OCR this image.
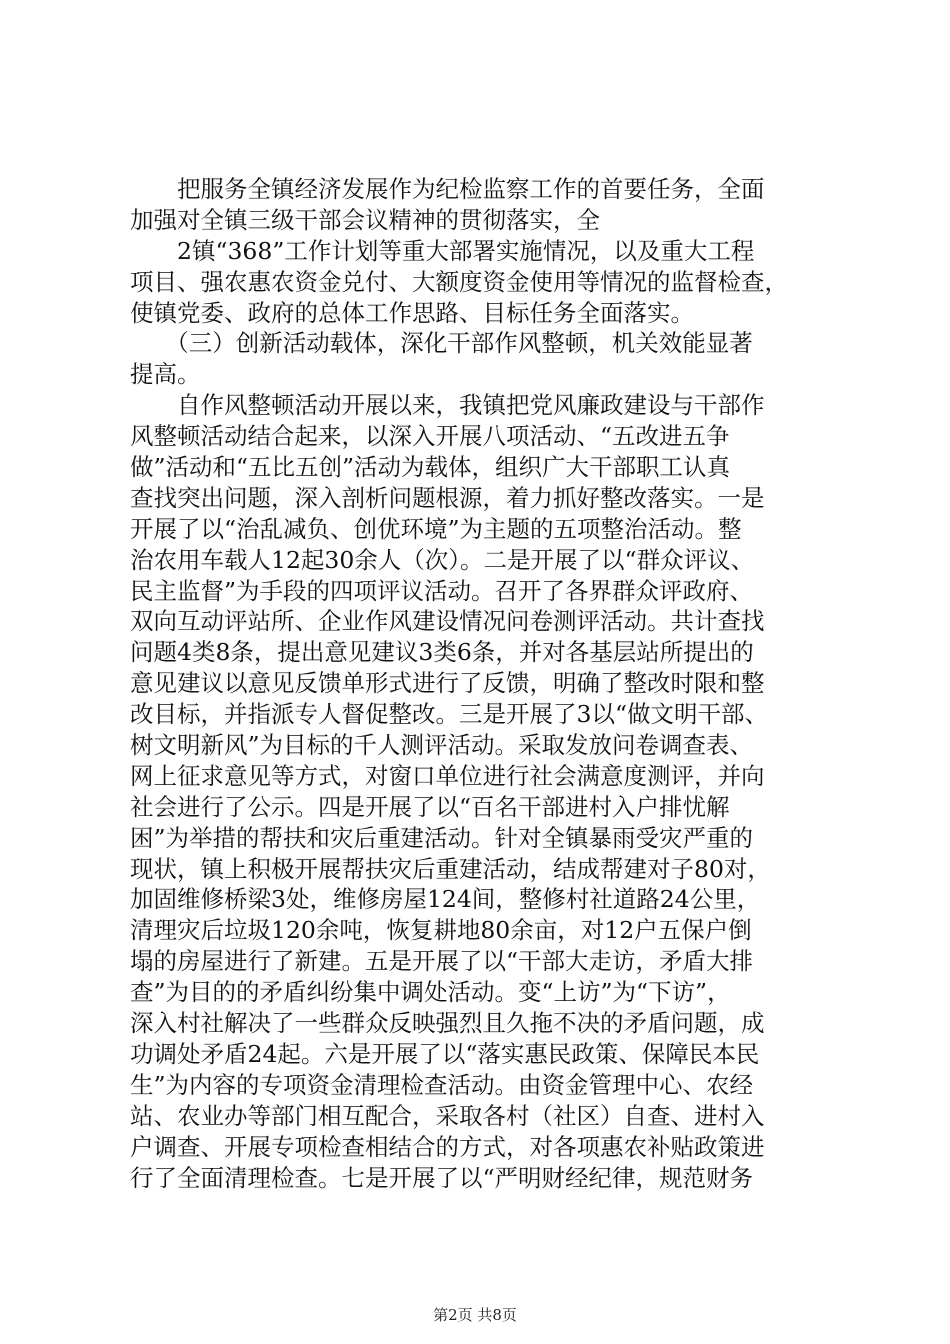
　　把服务全镇经济发展作为纪检监察工作的首要任务，全面
加强对全镇三级干部会议精神的贯彻落实，全
　　2镇“368”工作计划等重大部署实施情况，以及重大工程
项目、强农惠农资金兑付、大额度资金使用等情况的监督检查，
使镇党委、政府的总体工作思路、目标任务全面落实。
　　（三）创新活动载体，深化干部作风整顿，机关效能显著
提高。
　　自作风整顿活动开展以来，我镇把党风廉政建设与干部作
风整顿活动结合起来，以深入开展八项活动、“五改进五争
做”活动和“五比五创”活动为载体，组织广大干部职工认真
查找突出问题，深入剖析问题根源，着力抓好整改落实。一是
开展了以“治乱减负、创优环境”为主题的五项整治活动。整
治农用车载人12起30余人（次）。二是开展了以“群众评议、
民主监督”为手段的四项评议活动。召开了各界群众评政府、
双向互动评站所、企业作风建设情况问卷测评活动。共计查找
问题4类8条，提出意见建议3类6条，并对各基层站所提出的
意见建议以意见反馈单形式进行了反馈，明确了整改时限和整
改目标，并指派专人督促整改。三是开展了3以“做文明干部、
树文明新风”为目标的千人测评活动。采取发放问卷调查表、
网上征求意见等方式，对窗口单位进行社会满意度测评，并向
社会进行了公示。四是开展了以“百名干部进村入户排忧解
困”为举措的帮扶和灾后重建活动。针对全镇暴雨受灾严重的
现状，镇上积极开展帮扶灾后重建活动，结成帮建对子80对，
加固维修桥梁3处，维修房屋124间，整修村社道路24公里，
清理灾后垃圾120余吨，恢复耕地80余亩，对12户五保户倒
塌的房屋进行了新建。五是开展了以“干部大走访，矛盾大排
查”为目的的矛盾纠纷集中调处活动。变“上访”为“下访”，
深入村社解决了一些群众反映强烈且久拖不决的矛盾问题，成
功调处矛盾24起。六是开展了以“落实惠民政策、保障民本民
生”为内容的专项资金清理检查活动。由资金管理中心、农经
站、农业办等部门相互配合，采取各村（社区）自查、进村入
户调查、开展专项检查相结合的方式，对各项惠农补贴政策进
行了全面清理检查。七是开展了以“严明财经纪律，规范财务
第2页 共8页
